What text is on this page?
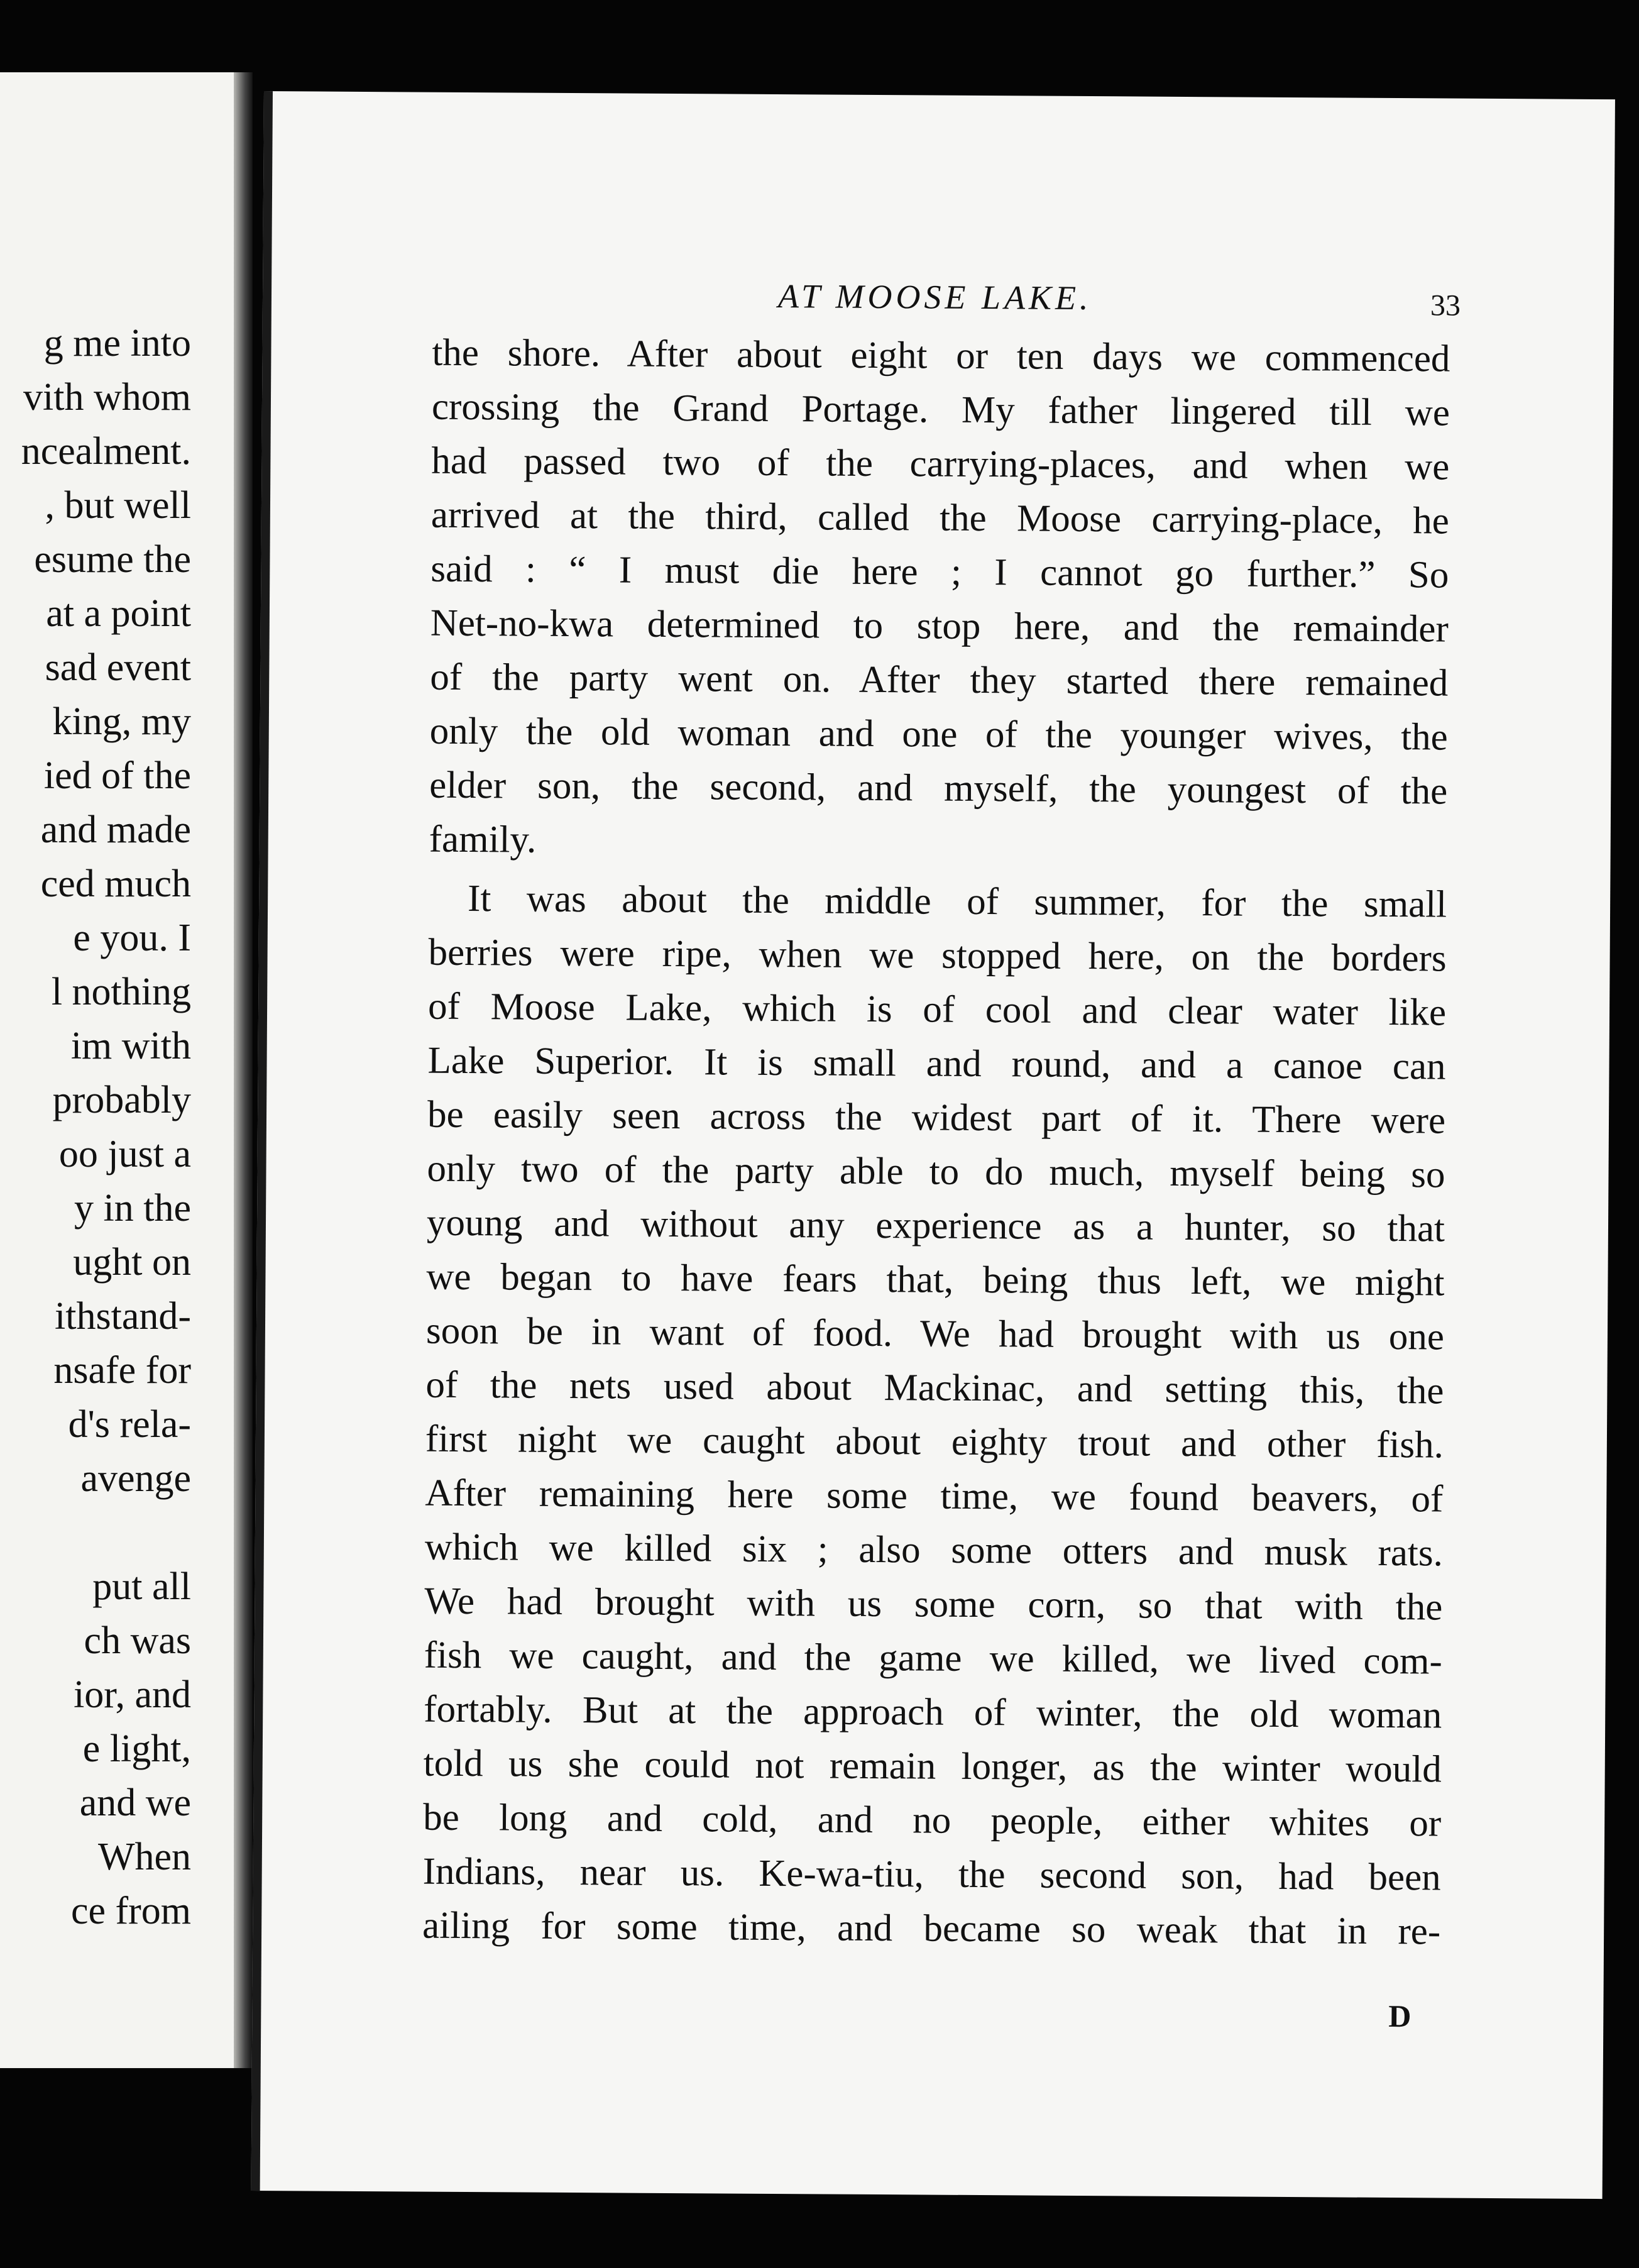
g me into
vith whom
ncealment.
, but well
esume the
at a point
sad event
king, my
ied of the
and made
ced much
e you. I
l nothing
im with
probably
oo just a
y in the
ught on
ithstand-
nsafe for
d's rela-
avenge
put all
ch was
ior, and
e light,
and we
When
ce from
AT MOOSE LAKE.	33
the shore. After about eight or ten days we commenced
crossing the Grand Portage. My father lingered till we
had passed two of the carrying-places, and when we
arrived at the third, called the Moose carrying-place, he
said : “ I must die here ; I cannot go further.” So
Net-no-kwa determined to stop here, and the remainder
of the party went on. After they started there remained
only the old woman and one of the younger wives, the
elder son, the second, and myself, the youngest of the
family.
It was about the middle of summer, for the small
berries were ripe, when we stopped here, on the borders
of Moose Lake, which is of cool and clear water like
Lake Superior. It is small and round, and a canoe can
be easily seen across the widest part of it. There were
only two of the party able to do much, myself being so
young and without any experience as a hunter, so that
we began to have fears that, being thus left, we might
soon be in want of food. We had brought with us one
of the nets used about Mackinac, and setting this, the
first night we caught about eighty trout and other fish.
After remaining here some time, we found beavers, of
which we killed six ; also some otters and musk rats.
We had brought with us some corn, so that with the
fish we caught, and the game we killed, we lived com-
fortably. But at the approach of winter, the old woman
told us she could not remain longer, as the winter would
be long and cold, and no people, either whites or
Indians, near us. Ke-wa-tiu, the second son, had been
ailing for some time, and became so weak that in re-
D
